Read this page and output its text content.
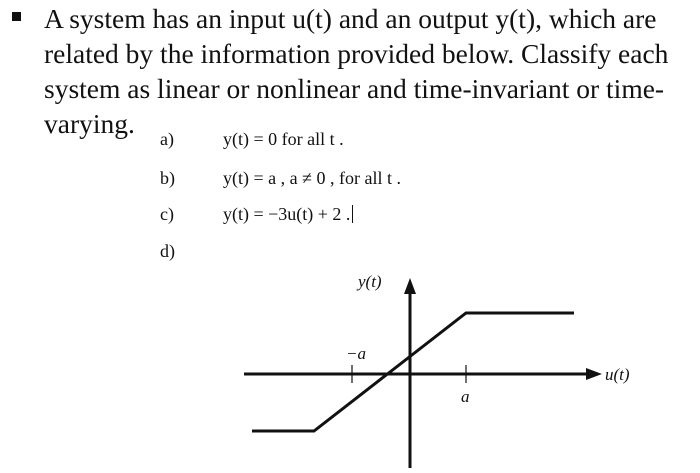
A system has an input u(t) and an output y(t), which are
related by the information provided below. Classify each
system as linear or nonlinear and time-invariant or time-
varying.	a)	y(t) = 0 for all t .
b)	y(t) = a , a ≠ 0 , for all t .
c)	y(t) = −3u(t) + 2 .
d)
y(t)
u(t)
a
−a
